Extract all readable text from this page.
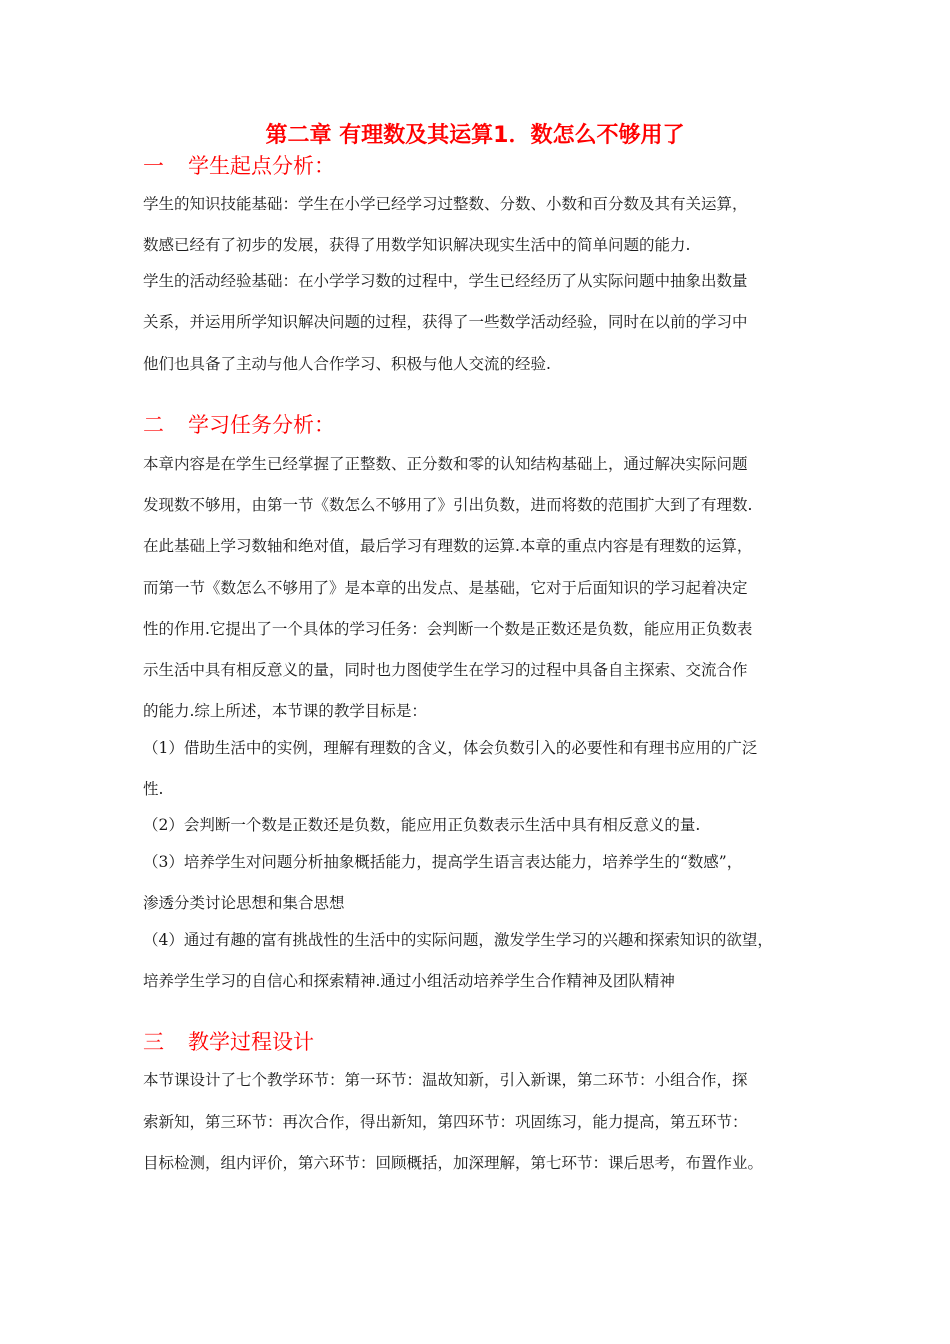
第二章 有理数及其运算1．数怎么不够用了
一 学生起点分析：
学生的知识技能基础：学生在小学已经学习过整数、分数、小数和百分数及其有关运算，
数感已经有了初步的发展，获得了用数学知识解决现实生活中的简单问题的能力.
学生的活动经验基础：在小学学习数的过程中，学生已经经历了从实际问题中抽象出数量
关系，并运用所学知识解决问题的过程，获得了一些数学活动经验，同时在以前的学习中
他们也具备了主动与他人合作学习、积极与他人交流的经验.
二 学习任务分析：
本章内容是在学生已经掌握了正整数、正分数和零的认知结构基础上，通过解决实际问题
发现数不够用，由第一节《数怎么不够用了》引出负数，进而将数的范围扩大到了有理数.
在此基础上学习数轴和绝对值，最后学习有理数的运算.本章的重点内容是有理数的运算，
而第一节《数怎么不够用了》是本章的出发点、是基础，它对于后面知识的学习起着决定
性的作用.它提出了一个具体的学习任务：会判断一个数是正数还是负数，能应用正负数表
示生活中具有相反意义的量，同时也力图使学生在学习的过程中具备自主探索、交流合作
的能力.综上所述，本节课的教学目标是：
（1）借助生活中的实例，理解有理数的含义，体会负数引入的必要性和有理书应用的广泛
性.
（2）会判断一个数是正数还是负数，能应用正负数表示生活中具有相反意义的量.
（3）培养学生对问题分析抽象概括能力，提高学生语言表达能力，培养学生的“数感”，
渗透分类讨论思想和集合思想
（4）通过有趣的富有挑战性的生活中的实际问题，激发学生学习的兴趣和探索知识的欲望，
培养学生学习的自信心和探索精神.通过小组活动培养学生合作精神及团队精神
三 教学过程设计
本节课设计了七个教学环节：第一环节：温故知新，引入新课，第二环节：小组合作，探
索新知，第三环节：再次合作，得出新知，第四环节：巩固练习，能力提高，第五环节：
目标检测，组内评价，第六环节：回顾概括，加深理解，第七环节：课后思考，布置作业。
